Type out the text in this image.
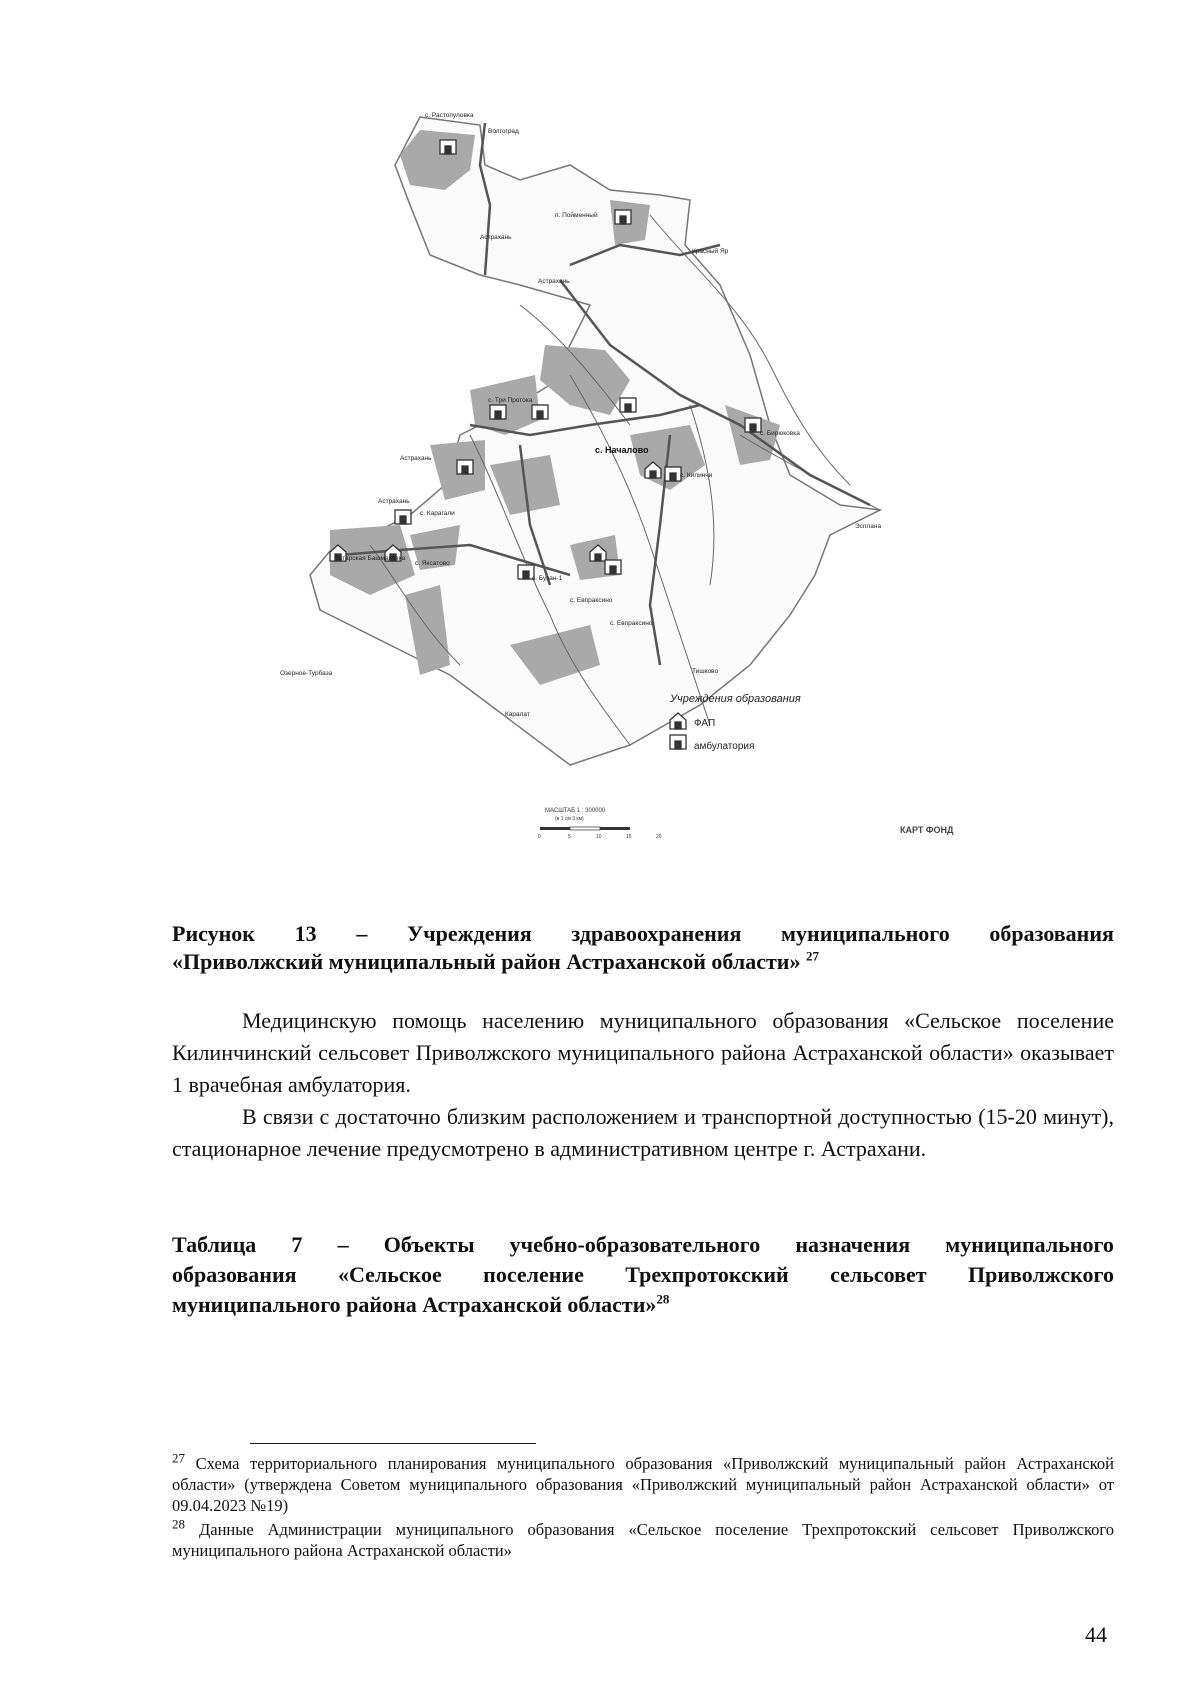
с. Растопуловка
Волгоград
п. Пойменный
Красный Яр
Астрахань
Астрахань
с. Три Протока
с. Бирюковка
с. Килинчи
с. Евпраксино
Астрахань
Астрахань
с. Карагали
Татарская Башмаковка
с. Яксатово
с. Бузан-1
с. Евпраксино
Тишково
Озерное-Турбаза
Каралат
Эсплана
с. Началово
Учреждения образования
ФАП
амбулатория
МАСШТАБ 1 : 300000
(в 1 см 3 км)
0	5	10	15	20
КАРТ ФОНД
Рисунок 13 – Учреждения здравоохранения муниципального образования
«Приволжский муниципальный район Астраханской области» $^{27}$
Медицинскую помощь населению муниципального образования «Сельское поселение Килинчинский сельсовет Приволжского муниципального района Астраханской области» оказывает 1 врачебная амбулатория.
В связи с достаточно близким расположением и транспортной доступностью (15-20 минут), стационарное лечение предусмотрено в административном центре г. Астрахани.
Таблица 7 – Объекты учебно-образовательного назначения муниципального
образования «Сельское поселение Трехпротокский сельсовет Приволжского
муниципального района Астраханской области»$^{28}$
$^{27}$ Схема территориального планирования муниципального образования «Приволжский муниципальный район Астраханской области» (утверждена Советом муниципального образования «Приволжский муниципальный район Астраханской области» от 09.04.2023 №19)
$^{28}$ Данные Администрации муниципального образования «Сельское поселение Трехпротокский сельсовет Приволжского муниципального района Астраханской области»
44
